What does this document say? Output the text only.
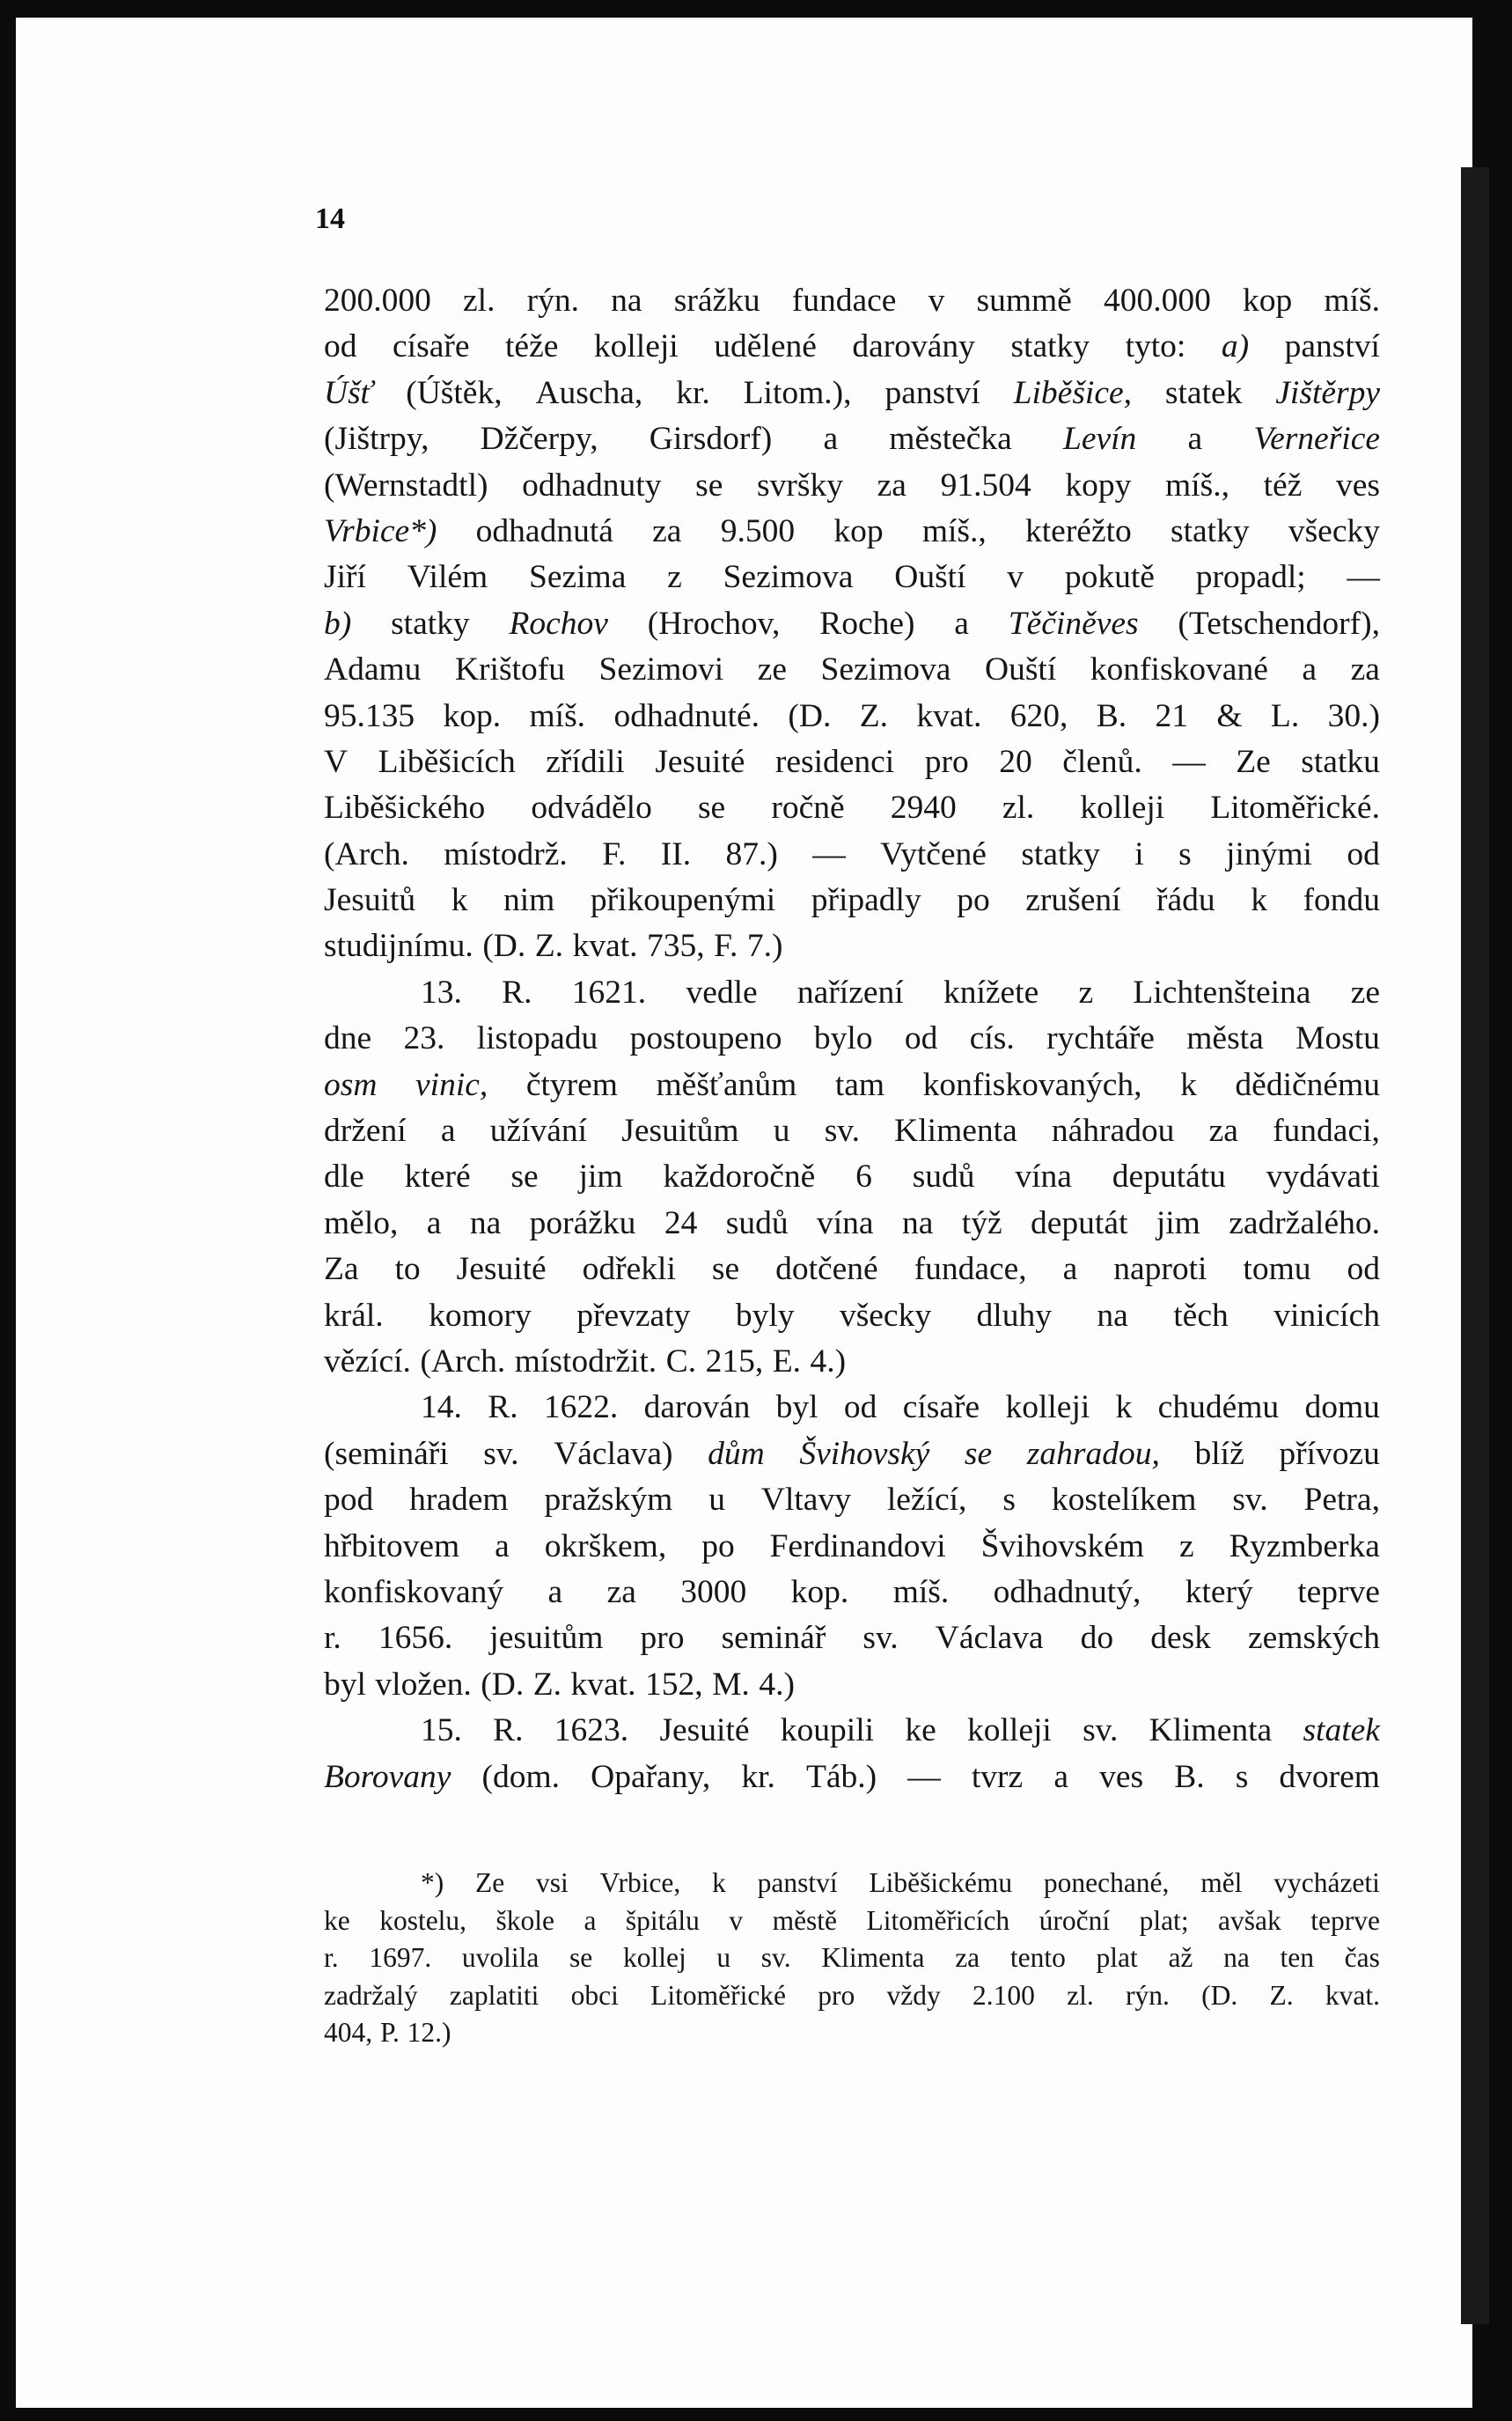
14
200.000 zl. rýn. na srážku fundace v summě 400.000 kop míš.
od císaře téže kolleji udělené darovány statky tyto: a) panství
Úšť (Úštěk, Auscha, kr. Litom.), panství Liběšice, statek Jištěrpy
(Jištrpy, Džčerpy, Girsdorf) a městečka Levín a Verneřice
(Wernstadtl) odhadnuty se svršky za 91.504 kopy míš., též ves
Vrbice*) odhadnutá za 9.500 kop míš., kteréžto statky všecky
Jiří Vilém Sezima z Sezimova Ouští v pokutě propadl; —
b) statky Rochov (Hrochov, Roche) a Těčiněves (Tetschendorf),
Adamu Krištofu Sezimovi ze Sezimova Ouští konfiskované a za
95.135 kop. míš. odhadnuté. (D. Z. kvat. 620, B. 21 & L. 30.)
V Liběšicích zřídili Jesuité residenci pro 20 členů. — Ze statku
Liběšického odvádělo se ročně 2940 zl. kolleji Litoměřické.
(Arch. místodrž. F. II. 87.) — Vytčené statky i s jinými od
Jesuitů k nim přikoupenými připadly po zrušení řádu k fondu
studijnímu. (D. Z. kvat. 735, F. 7.)
13. R. 1621. vedle nařízení knížete z Lichtenšteina ze
dne 23. listopadu postoupeno bylo od cís. rychtáře města Mostu
osm vinic, čtyrem měšťanům tam konfiskovaných, k dědičnému
držení a užívání Jesuitům u sv. Klimenta náhradou za fundaci,
dle které se jim každoročně 6 sudů vína deputátu vydávati
mělo, a na porážku 24 sudů vína na týž deputát jim zadržalého.
Za to Jesuité odřekli se dotčené fundace, a naproti tomu od
král. komory převzaty byly všecky dluhy na těch vinicích
vězící. (Arch. místodržit. C. 215, E. 4.)
14. R. 1622. darován byl od císaře kolleji k chudému domu
(semináři sv. Václava) dům Švihovský se zahradou, blíž přívozu
pod hradem pražským u Vltavy ležící, s kostelíkem sv. Petra,
hřbitovem a okrškem, po Ferdinandovi Švihovském z Ryzmberka
konfiskovaný a za 3000 kop. míš. odhadnutý, který teprve
r. 1656. jesuitům pro seminář sv. Václava do desk zemských
byl vložen. (D. Z. kvat. 152, M. 4.)
15. R. 1623. Jesuité koupili ke kolleji sv. Klimenta statek
Borovany (dom. Opařany, kr. Táb.) — tvrz a ves B. s dvorem
*) Ze vsi Vrbice, k panství Liběšickému ponechané, měl vycházeti
ke kostelu, škole a špitálu v městě Litoměřicích úroční plat; avšak teprve
r. 1697. uvolila se kollej u sv. Klimenta za tento plat až na ten čas
zadržalý zaplatiti obci Litoměřické pro vždy 2.100 zl. rýn. (D. Z. kvat.
404, P. 12.)
